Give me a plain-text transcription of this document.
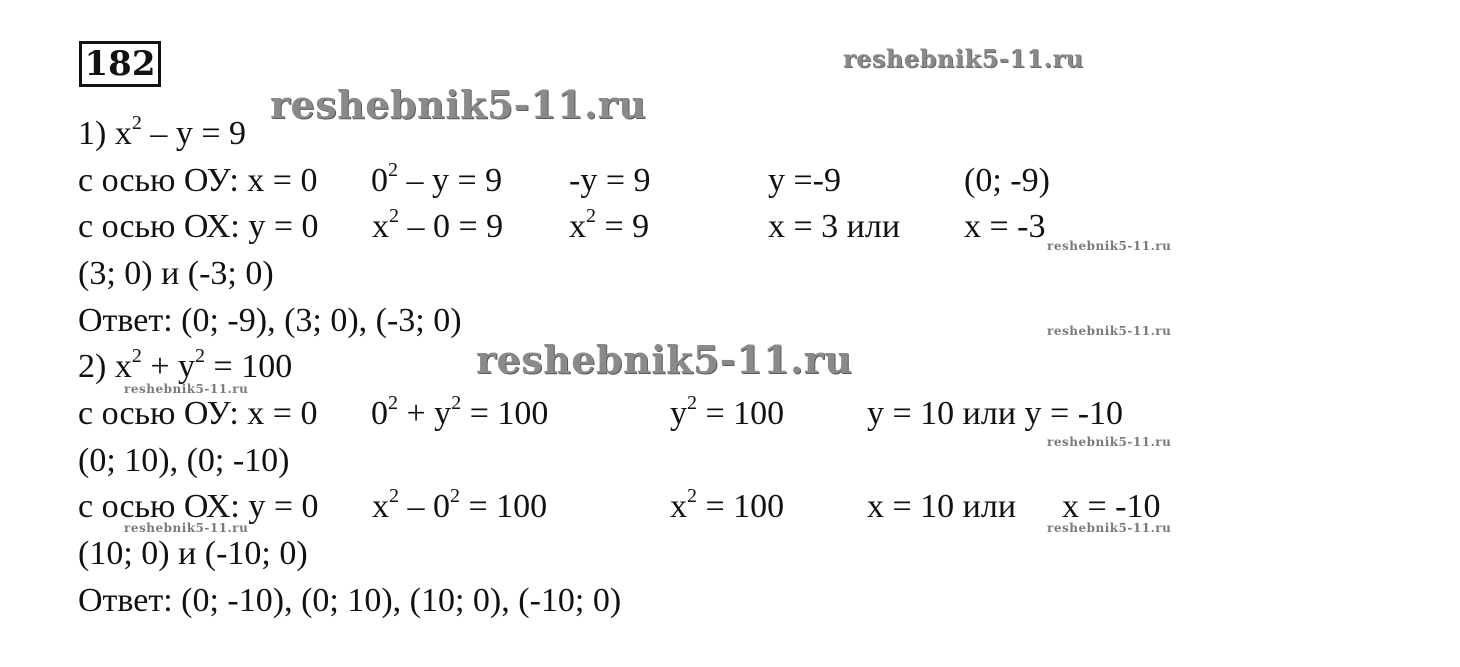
182
1) $x^2 - y = 9$
с осью ОУ: х = 0 $0^2 - y = 9$ -y = 9	y =-9	(0; -9)
с осью ОХ: у = 0 $x^2 - 0 = 9$ $x^2 = 9$	х = 3 или х = -3
(3; 0) и (-3; 0)
Ответ: (0; -9), (3; 0), (-3; 0)
2) $x^2 + y^2 = 100$
с осью ОУ: х = 0 $0^2 + y^2 = 100$	$y^2 = 100$ у = 10 или у = -10
(0; 10), (0; -10)
с осью ОХ: у = 0 $x^2 - 0^2 = 100$	$x^2 = 100$ х = 10 или х = -10
(10; 0) и (-10; 0)
Ответ: (0; -10), (0; 10), (10; 0), (-10; 0)
reshebnik5-11.ru
reshebnik5-11.ru
reshebnik5-11.ru
reshebnik5-11.ru
reshebnik5-11.ru
reshebnik5-11.ru
reshebnik5-11.ru
reshebnik5-11.ru	reshebnik5-11.ru
